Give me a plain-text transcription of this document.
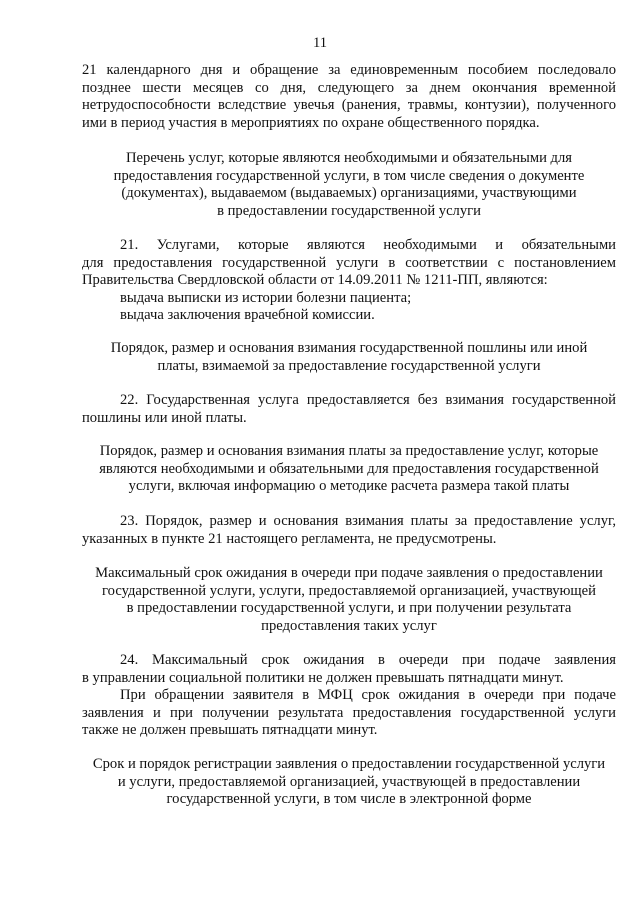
11
21 календарного дня и обращение за единовременным пособием последовало
позднее шести месяцев со дня, следующего за днем окончания временной
нетрудоспособности вследствие увечья (ранения, травмы, контузии), полученного
ими в период участия в мероприятиях по охране общественного порядка.
Перечень услуг, которые являются необходимыми и обязательными для
предоставления государственной услуги, в том числе сведения о документе
(документах), выдаваемом (выдаваемых) организациями, участвующими
в предоставлении государственной услуги
21. Услугами, которые являются необходимыми и обязательными
для предоставления государственной услуги в соответствии с постановлением
Правительства Свердловской области от 14.09.2011 № 1211-ПП, являются:
выдача выписки из истории болезни пациента;
выдача заключения врачебной комиссии.
Порядок, размер и основания взимания государственной пошлины или иной
платы, взимаемой за предоставление государственной услуги
22. Государственная услуга предоставляется без взимания государственной
пошлины или иной платы.
Порядок, размер и основания взимания платы за предоставление услуг, которые
являются необходимыми и обязательными для предоставления государственной
услуги, включая информацию о методике расчета размера такой платы
23. Порядок, размер и основания взимания платы за предоставление услуг,
указанных в пункте 21 настоящего регламента, не предусмотрены.
Максимальный срок ожидания в очереди при подаче заявления о предоставлении
государственной услуги, услуги, предоставляемой организацией, участвующей
в предоставлении государственной услуги, и при получении результата
предоставления таких услуг
24. Максимальный срок ожидания в очереди при подаче заявления
в управлении социальной политики не должен превышать пятнадцати минут.
При обращении заявителя в МФЦ срок ожидания в очереди при подаче
заявления и при получении результата предоставления государственной услуги
также не должен превышать пятнадцати минут.
Срок и порядок регистрации заявления о предоставлении государственной услуги
и услуги, предоставляемой организацией, участвующей в предоставлении
государственной услуги, в том числе в электронной форме
